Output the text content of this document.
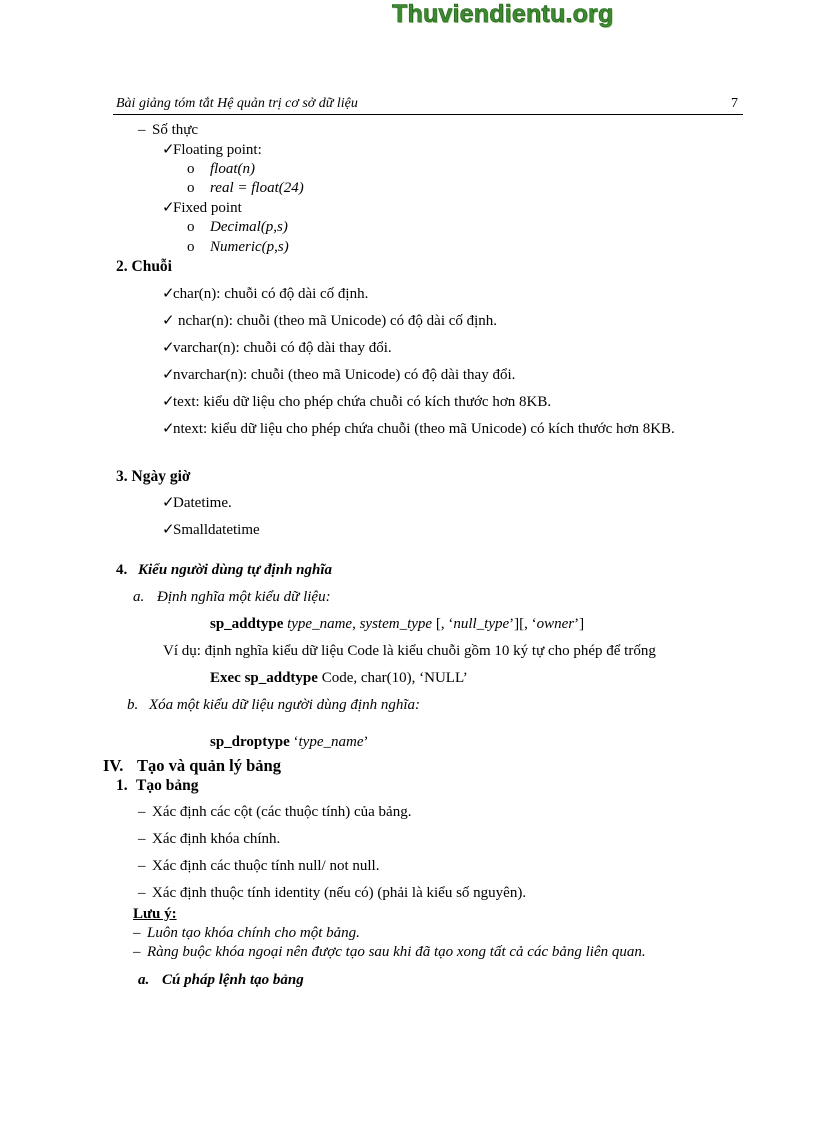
Thuviendientu.org
Bài giảng tóm tắt Hệ quản trị cơ sở dữ liệu	7
– Số thực
✓Floating point:
o float(n)
o real = float(24)
✓Fixed point
o Decimal(p,s)
o Numeric(p,s)
2. Chuỗi
✓char(n): chuỗi có độ dài cố định.
✓ nchar(n): chuỗi (theo mã Unicode) có độ dài cố định.
✓varchar(n): chuỗi có độ dài thay đổi.
✓nvarchar(n): chuỗi (theo mã Unicode) có độ dài thay đổi.
✓text: kiểu dữ liệu cho phép chứa chuỗi có kích thước hơn 8KB.
✓
ntext: kiểu dữ liệu cho phép chứa chuỗi (theo mã Unicode) có kích thước hơn 8KB.
3. Ngày giờ
✓Datetime.
✓Smalldatetime
4. Kiểu người dùng tự định nghĩa
a. Định nghĩa một kiểu dữ liệu:
sp_addtype type_name, system_type [, ‘null_type’][, ‘owner’]
Ví dụ: định nghĩa kiểu dữ liệu Code là kiểu chuỗi gồm 10 ký tự cho phép để trống
Exec sp_addtype Code, char(10), ‘NULL’
b. Xóa một kiểu dữ liệu người dùng định nghĩa:
sp_droptype ‘type_name’
IV. Tạo và quản lý bảng
1. Tạo bảng
– Xác định các cột (các thuộc tính) của bảng.
– Xác định khóa chính.
– Xác định các thuộc tính null/ not null.
– Xác định thuộc tính identity (nếu có) (phải là kiểu số nguyên).
Lưu ý:
– Luôn tạo khóa chính cho một bảng.
– Ràng buộc khóa ngoại nên được tạo sau khi đã tạo xong tất cả các bảng liên quan.
a. Cú pháp lệnh tạo bảng
